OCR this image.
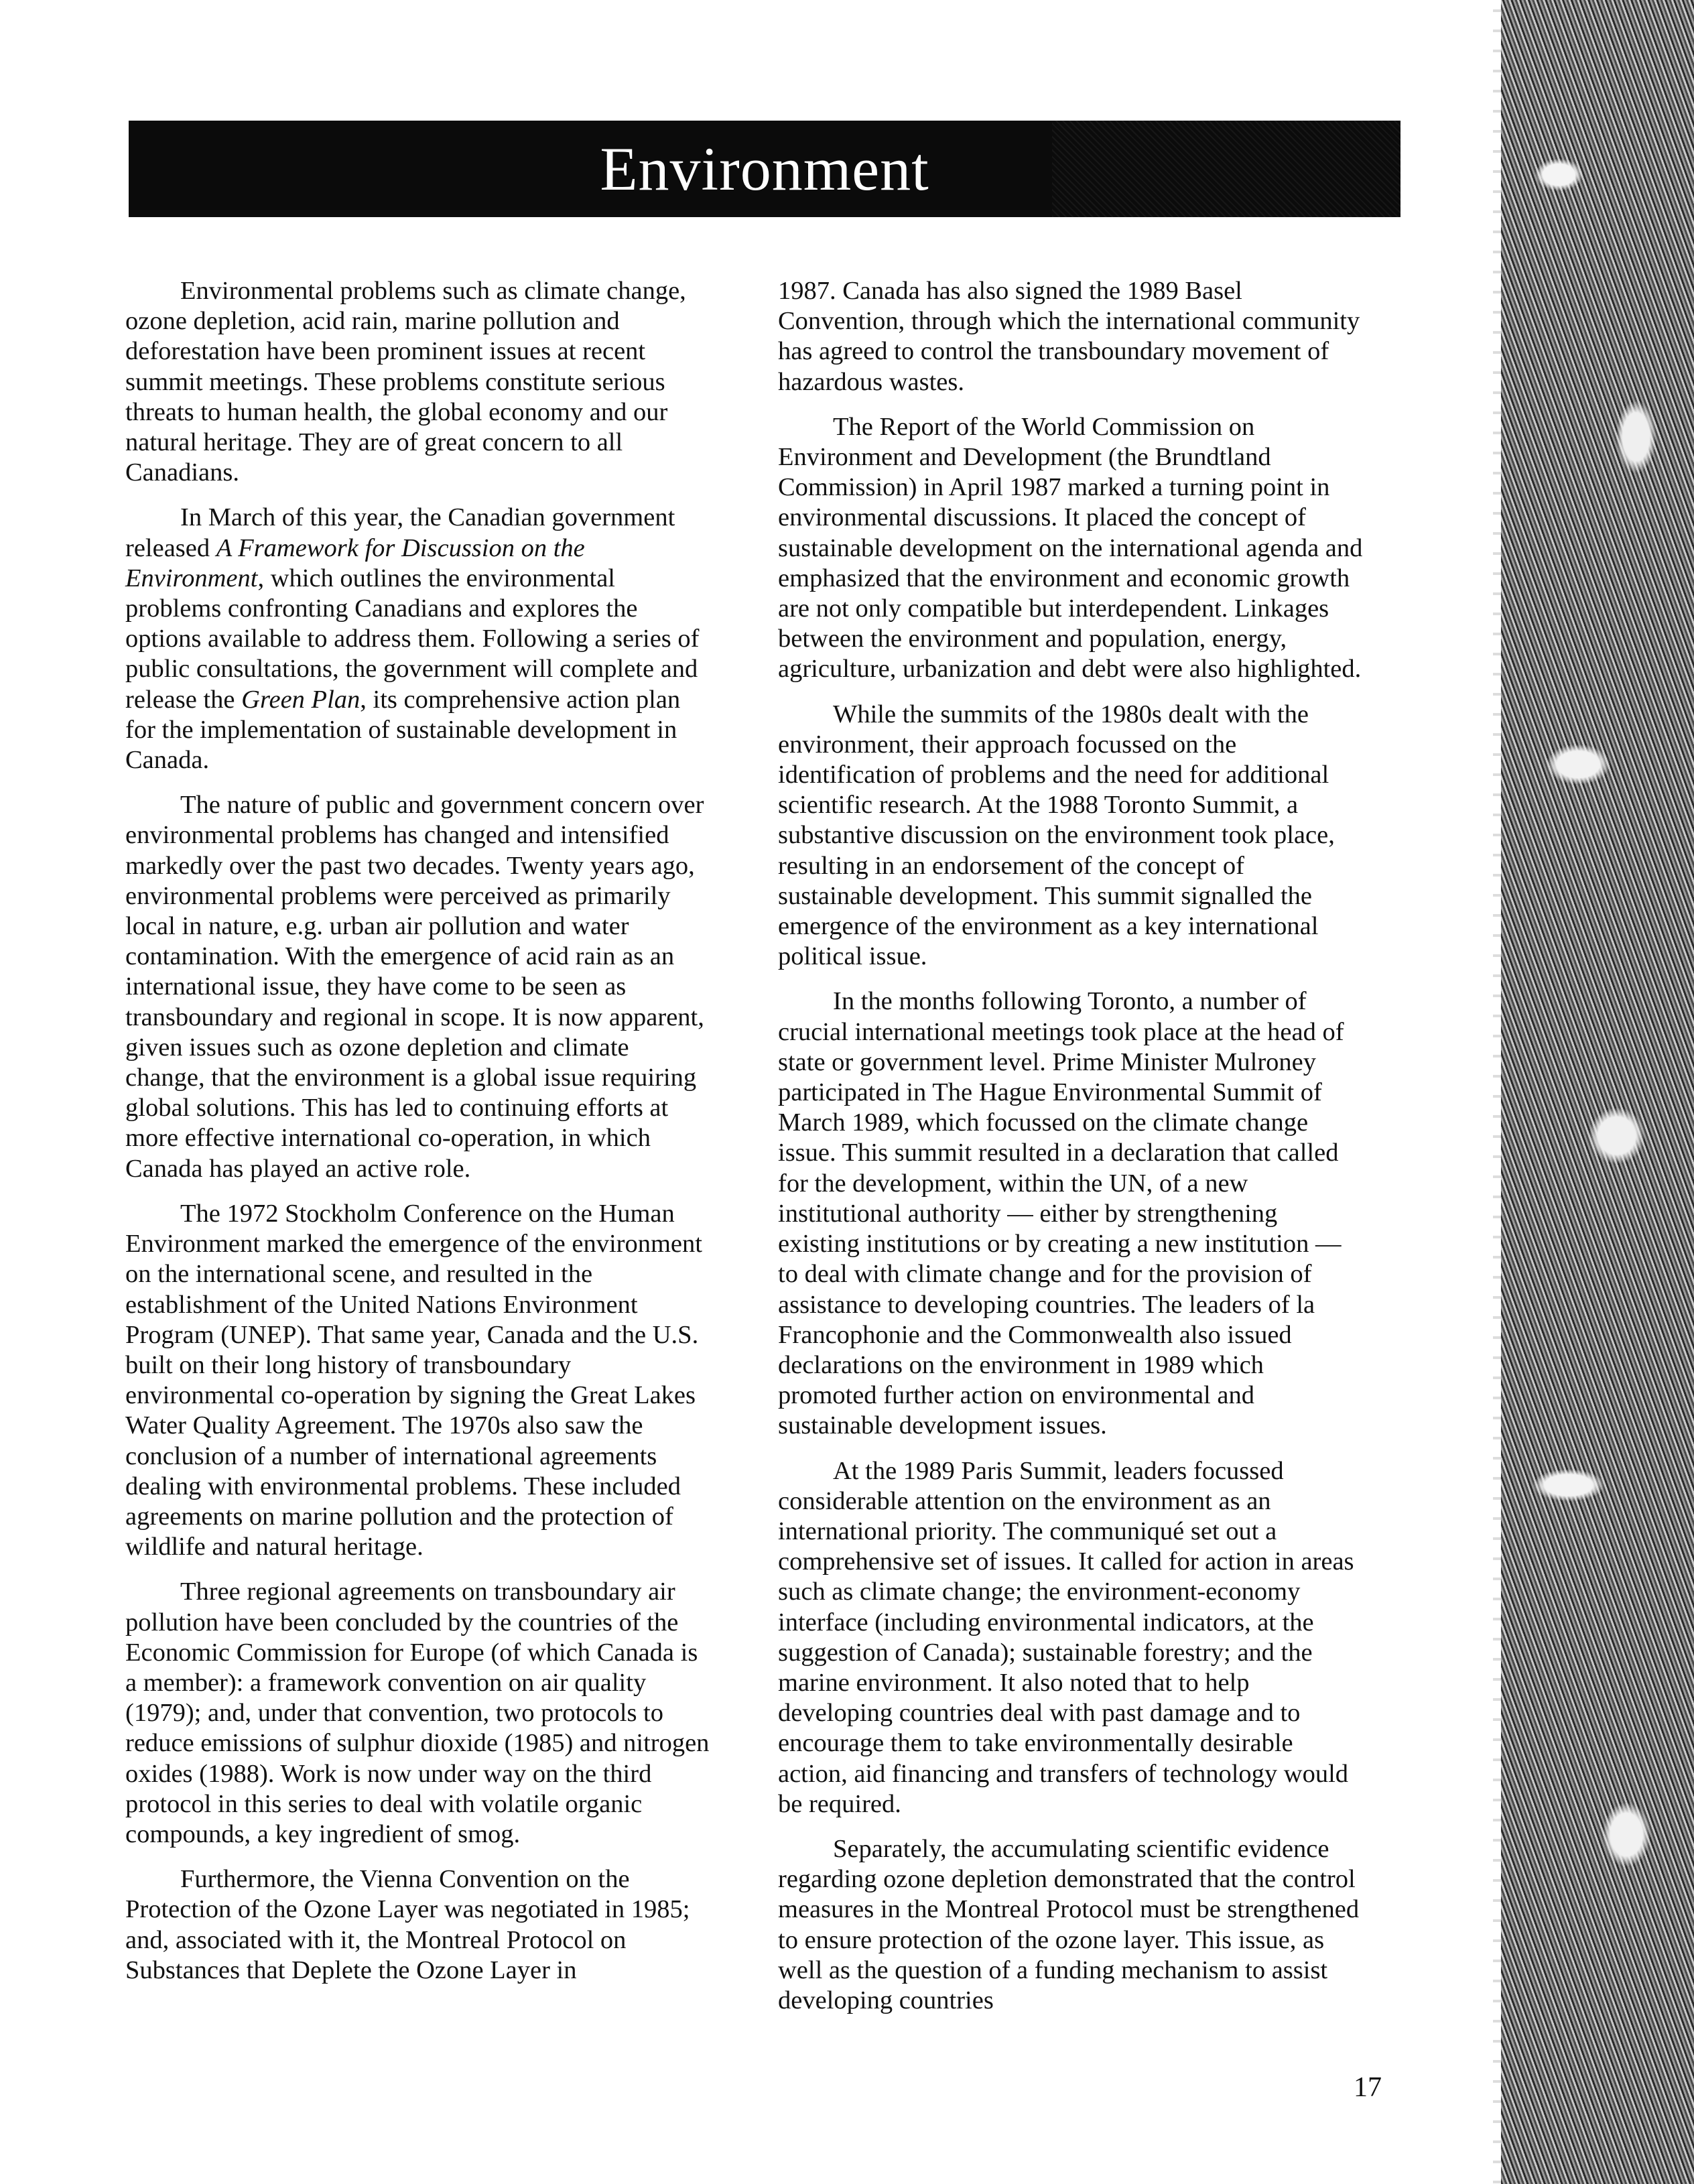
Environment

Environmental problems such as climate change, ozone depletion, acid rain, marine pollution and deforestation have been prominent issues at recent summit meetings. These problems constitute serious threats to human health, the global economy and our natural heritage. They are of great concern to all Canadians.

In March of this year, the Canadian government released A Framework for Discussion on the Environment, which outlines the environmental problems confronting Canadians and explores the options available to address them. Following a series of public consultations, the government will complete and release the Green Plan, its comprehensive action plan for the implementation of sustainable development in Canada.

The nature of public and government concern over environmental problems has changed and intensified markedly over the past two decades. Twenty years ago, environmental problems were perceived as primarily local in nature, e.g. urban air pollution and water contamination. With the emergence of acid rain as an international issue, they have come to be seen as transboundary and regional in scope. It is now apparent, given issues such as ozone depletion and climate change, that the environment is a global issue requiring global solutions. This has led to continuing efforts at more effective international co-operation, in which Canada has played an active role.

The 1972 Stockholm Conference on the Human Environment marked the emergence of the environment on the international scene, and resulted in the establishment of the United Nations Environment Program (UNEP). That same year, Canada and the U.S. built on their long history of transboundary environmental co-operation by signing the Great Lakes Water Quality Agreement. The 1970s also saw the conclusion of a number of international agreements dealing with environmental problems. These included agreements on marine pollution and the protection of wildlife and natural heritage.

Three regional agreements on transboundary air pollution have been concluded by the countries of the Economic Commission for Europe (of which Canada is a member): a framework convention on air quality (1979); and, under that convention, two protocols to reduce emissions of sulphur dioxide (1985) and nitrogen oxides (1988). Work is now under way on the third protocol in this series to deal with volatile organic compounds, a key ingredient of smog.

Furthermore, the Vienna Convention on the Protection of the Ozone Layer was negotiated in 1985; and, associated with it, the Montreal Protocol on Substances that Deplete the Ozone Layer in

1987. Canada has also signed the 1989 Basel Convention, through which the international community has agreed to control the transboundary movement of hazardous wastes.

The Report of the World Commission on Environment and Development (the Brundtland Commission) in April 1987 marked a turning point in environmental discussions. It placed the concept of sustainable development on the international agenda and emphasized that the environment and economic growth are not only compatible but interdependent. Linkages between the environment and population, energy, agriculture, urbanization and debt were also highlighted.

While the summits of the 1980s dealt with the environment, their approach focussed on the identification of problems and the need for additional scientific research. At the 1988 Toronto Summit, a substantive discussion on the environment took place, resulting in an endorsement of the concept of sustainable development. This summit signalled the emergence of the environment as a key international political issue.

In the months following Toronto, a number of crucial international meetings took place at the head of state or government level. Prime Minister Mulroney participated in The Hague Environmental Summit of March 1989, which focussed on the climate change issue. This summit resulted in a declaration that called for the development, within the UN, of a new institutional authority — either by strengthening existing institutions or by creating a new institution — to deal with climate change and for the provision of assistance to developing countries. The leaders of la Francophonie and the Commonwealth also issued declarations on the environment in 1989 which promoted further action on environmental and sustainable development issues.

At the 1989 Paris Summit, leaders focussed considerable attention on the environment as an international priority. The communiqué set out a comprehensive set of issues. It called for action in areas such as climate change; the environment-economy interface (including environmental indicators, at the suggestion of Canada); sustainable forestry; and the marine environment. It also noted that to help developing countries deal with past damage and to encourage them to take environmentally desirable action, aid financing and transfers of technology would be required.

Separately, the accumulating scientific evidence regarding ozone depletion demonstrated that the control measures in the Montreal Protocol must be strengthened to ensure protection of the ozone layer. This issue, as well as the question of a funding mechanism to assist developing countries

17
